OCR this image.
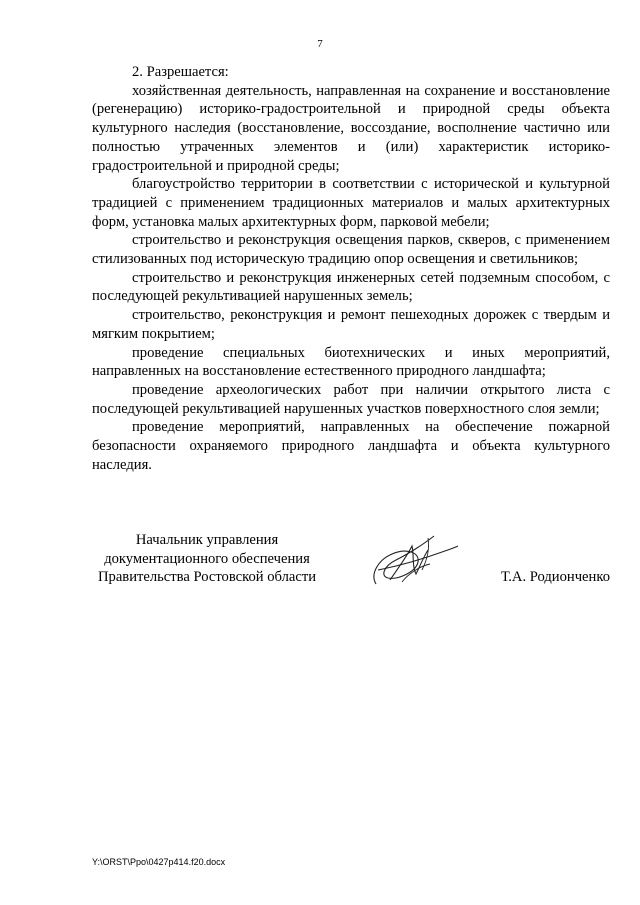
7

2. Разрешается:

хозяйственная деятельность, направленная на сохранение и восстановление (регенерацию) историко-градостроительной и природной среды объекта культурного наследия (восстановление, воссоздание, восполнение частично или полностью утраченных элементов и (или) характеристик историко-градостроительной и природной среды;

благоустройство территории в соответствии с исторической и культурной традицией с применением традиционных материалов и малых архитектурных форм, установка малых архитектурных форм, парковой мебели;

строительство и реконструкция освещения парков, скверов, с применением стилизованных под историческую традицию опор освещения и светильников;

строительство и реконструкция инженерных сетей подземным способом, с последующей рекультивацией нарушенных земель;

строительство, реконструкция и ремонт пешеходных дорожек с твердым и мягким покрытием;

проведение специальных биотехнических и иных мероприятий, направленных на восстановление естественного природного ландшафта;

проведение археологических работ при наличии открытого листа с последующей рекультивацией нарушенных участков поверхностного слоя земли;

проведение мероприятий, направленных на обеспечение пожарной безопасности охраняемого природного ландшафта и объекта культурного наследия.

Начальник управления
документационного обеспечения
Правительства Ростовской области	Т.А. Родионченко
Y:\ORST\Ppo\0427p414.f20.docx
